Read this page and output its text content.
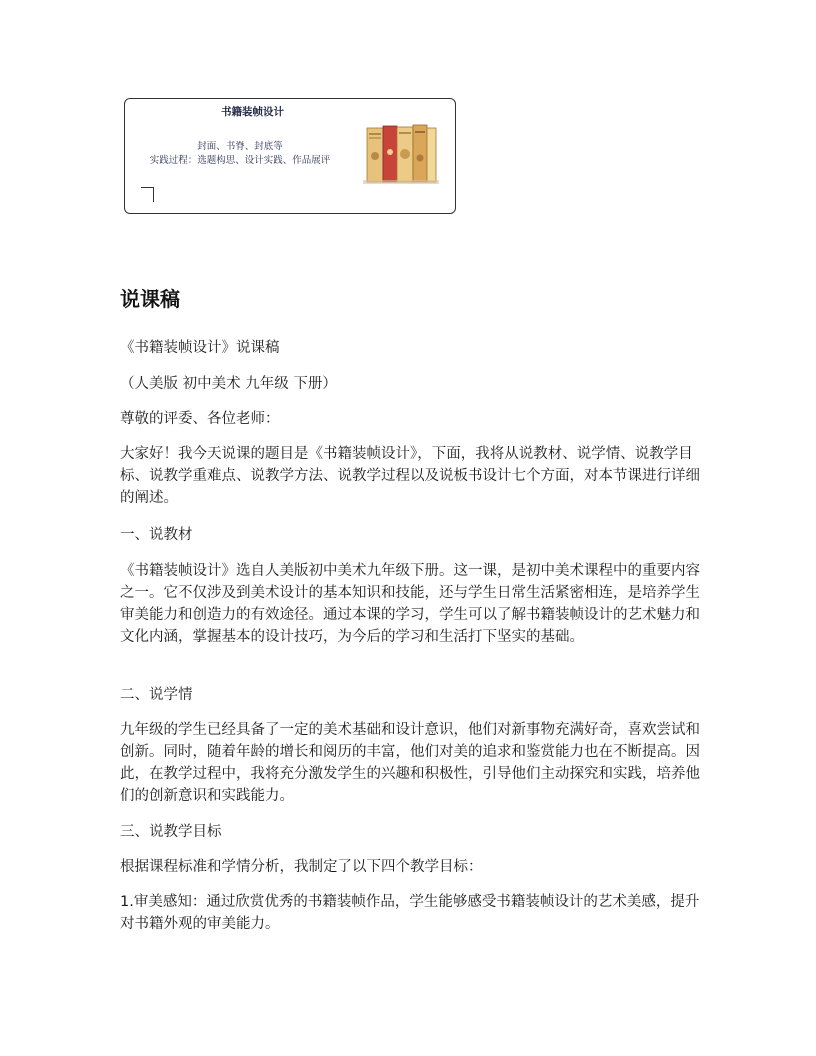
书籍装帧设计
封面、书脊、封底等
实践过程：选题构思、设计实践、作品展评
说课稿
《书籍装帧设计》说课稿
（人美版 初中美术 九年级 下册）
尊敬的评委、各位老师：
大家好！我今天说课的题目是《书籍装帧设计》，下面，我将从说教材、说学情、说教学目标、说教学重难点、说教学方法、说教学过程以及说板书设计七个方面，对本节课进行详细的阐述。
一、说教材
《书籍装帧设计》选自人美版初中美术九年级下册。这一课，是初中美术课程中的重要内容之一。它不仅涉及到美术设计的基本知识和技能，还与学生日常生活紧密相连，是培养学生审美能力和创造力的有效途径。通过本课的学习，学生可以了解书籍装帧设计的艺术魅力和文化内涵，掌握基本的设计技巧，为今后的学习和生活打下坚实的基础。
二、说学情
九年级的学生已经具备了一定的美术基础和设计意识，他们对新事物充满好奇，喜欢尝试和创新。同时，随着年龄的增长和阅历的丰富，他们对美的追求和鉴赏能力也在不断提高。因此，在教学过程中，我将充分激发学生的兴趣和积极性，引导他们主动探究和实践，培养他们的创新意识和实践能力。
三、说教学目标
根据课程标准和学情分析，我制定了以下四个教学目标：
1.审美感知：通过欣赏优秀的书籍装帧作品，学生能够感受书籍装帧设计的艺术美感，提升对书籍外观的审美能力。
